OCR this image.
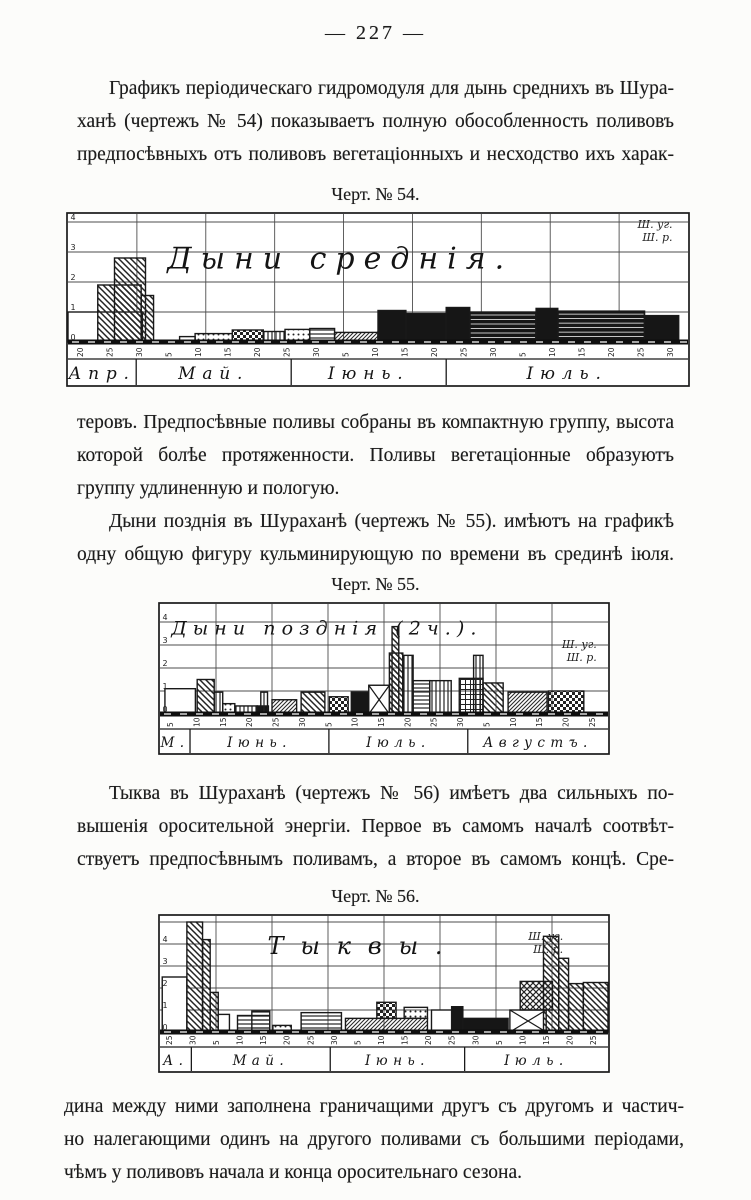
— 227 —
Графикъ періодическаго гидромодуля для дынь среднихъ въ Шура-
ханѣ (чертежъ № 54) показываетъ полную обособленность поливовъ
предпосѣвныхъ отъ поливовъ вегетаціонныхъ и несходство ихъ харак-
Черт. № 54.
0
1
2
3
4
20	25	30	5	10	15	20	25	30	5	10	15	20	25	30	5	10	15	20	25	30
Апр. Май.	Іюнь.	Іюль.
Дыни среднія.
Ш. уг.
Ш. р.
теровъ. Предпосѣвные поливы собраны въ компактную группу, высота
которой болѣе протяженности. Поливы вегетаціонные образуютъ
группу удлиненную и пологую.
Дыни позднія въ Шураханѣ (чертежъ № 55). имѣютъ на графикѣ
одну общую фигуру кульминирующую по времени въ срединѣ іюля.
Черт. № 55.
0
1
2
3
4
5 10 15 20 25 30 5 10 15 20 25 30 5 10 15 20 25
М.	Іюнь.	Іюль.	Августъ.
Дыни позднія (2ч.).
Ш. уг.
Ш. р.
Тыква въ Шураханѣ (чертежъ № 56) имѣетъ два сильныхъ по-
вышенія оросительной энергіи. Первое въ самомъ началѣ соотвѣт-
ствуетъ предпосѣвнымъ поливамъ, а второе въ самомъ концѣ. Сре-
Черт. № 56.
0
1
2
3
4
25 30 5 10 15 20 25 30 5 10 15 20 25 30 5 10 15 20 25
А.	Май.	Іюнь.	Іюль.
Тыквы.	Ш. уг.
Ш. р.
дина между ними заполнена граничащими другъ съ другомъ и частич-
но налегающими одинъ на другого поливами съ большими періодами,
чѣмъ у поливовъ начала и конца оросительнаго сезона.
